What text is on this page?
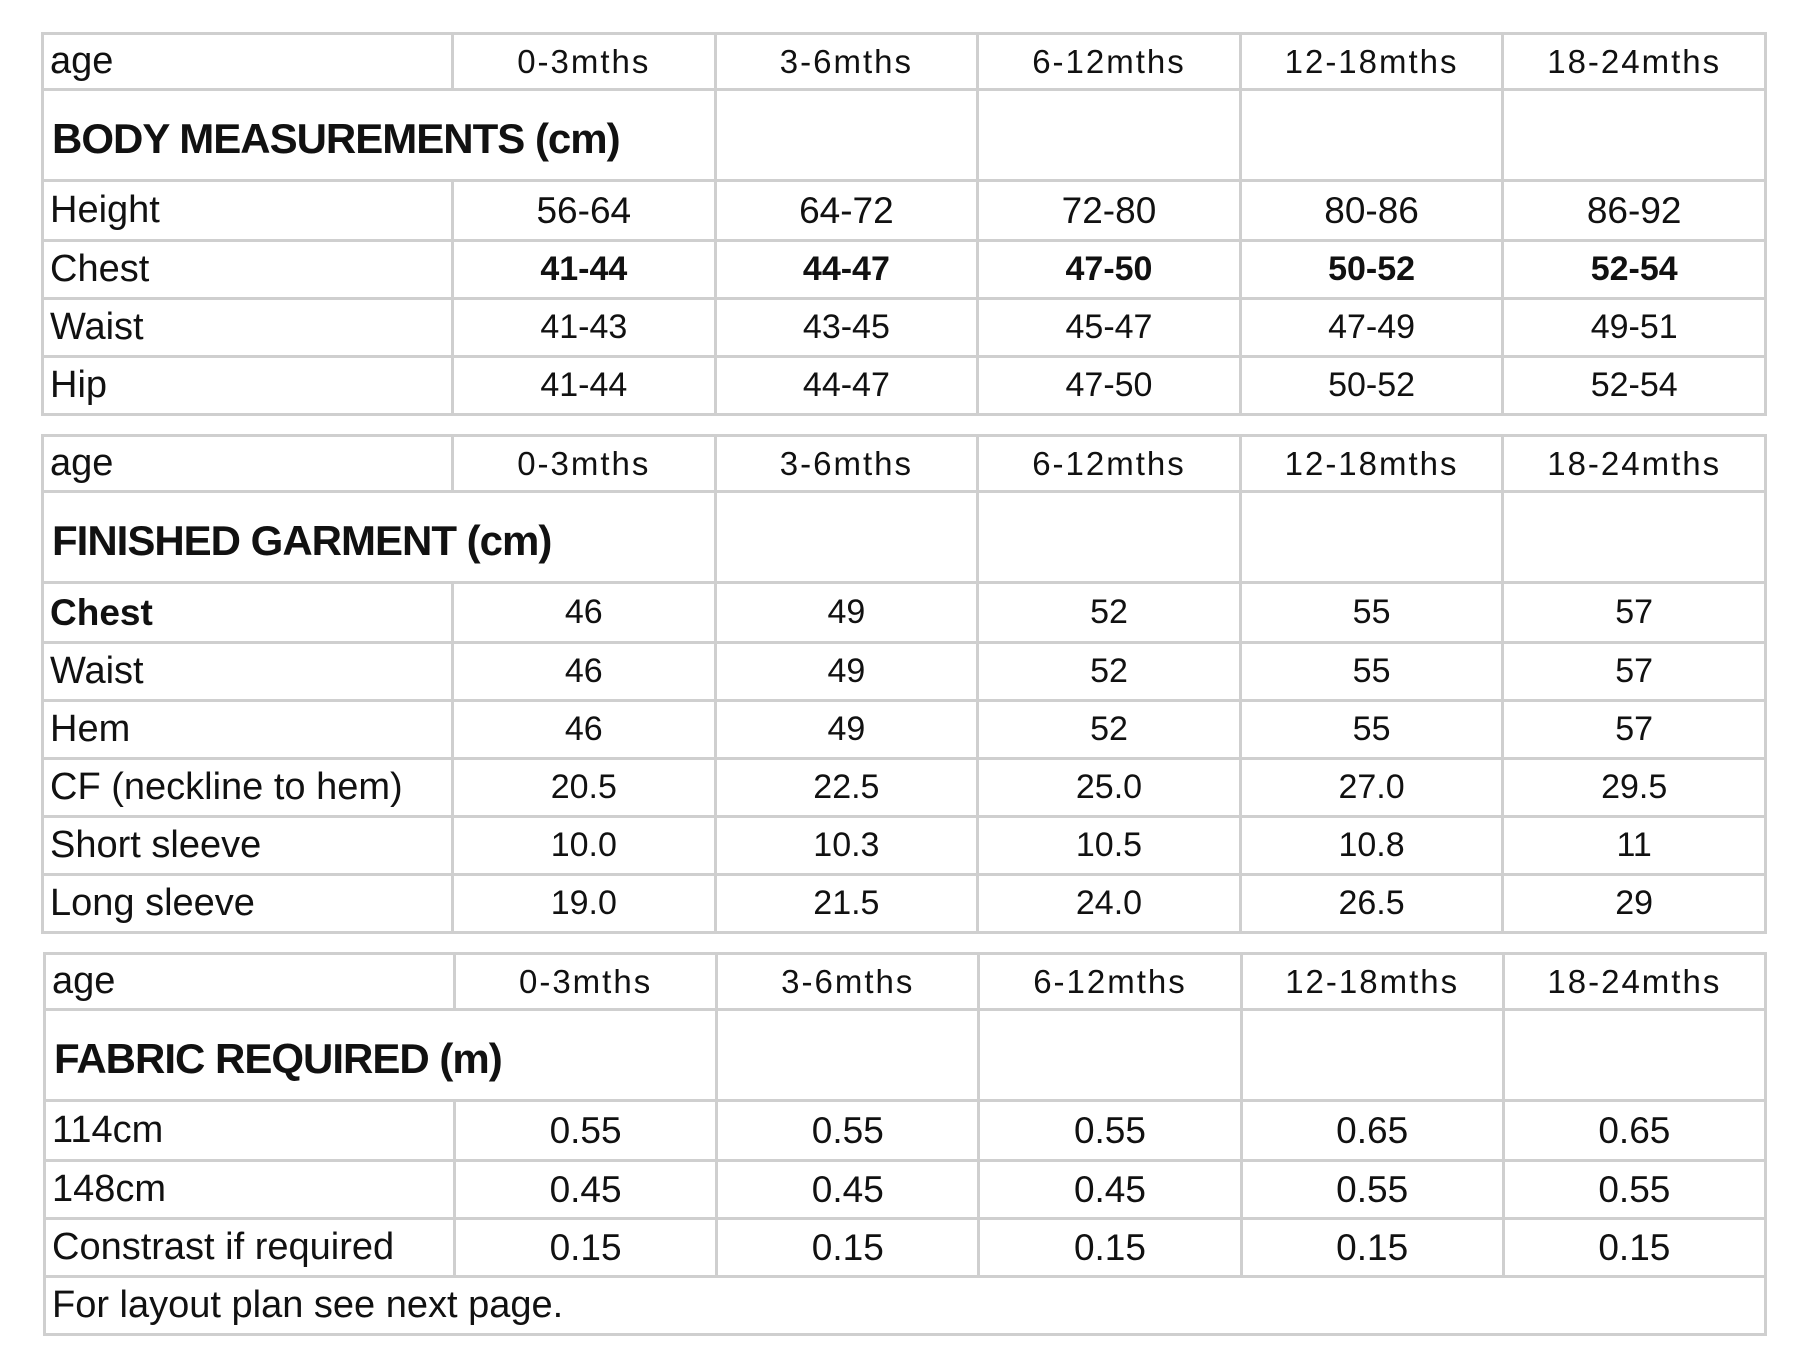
age	0-3mths	3-6mths	6-12mths	12-18mths	18-24mths
BODY MEASUREMENTS (cm)					
Height	56-64	64-72	72-80	80-86	86-92
Chest	41-44	44-47	47-50	50-52	52-54
Waist	41-43	43-45	45-47	47-49	49-51
Hip	41-44	44-47	47-50	50-52	52-54
age	0-3mths	3-6mths	6-12mths	12-18mths	18-24mths
FINISHED GARMENT (cm)					
Chest	46	49	52	55	57
Waist	46	49	52	55	57
Hem	46	49	52	55	57
CF (neckline to hem)	20.5	22.5	25.0	27.0	29.5
Short sleeve	10.0	10.3	10.5	10.8	11
Long sleeve	19.0	21.5	24.0	26.5	29
age	0-3mths	3-6mths	6-12mths	12-18mths	18-24mths
FABRIC REQUIRED (m)					
114cm	0.55	0.55	0.55	0.65	0.65
148cm	0.45	0.45	0.45	0.55	0.55
Constrast if required	0.15	0.15	0.15	0.15	0.15
For layout plan see next page.					
